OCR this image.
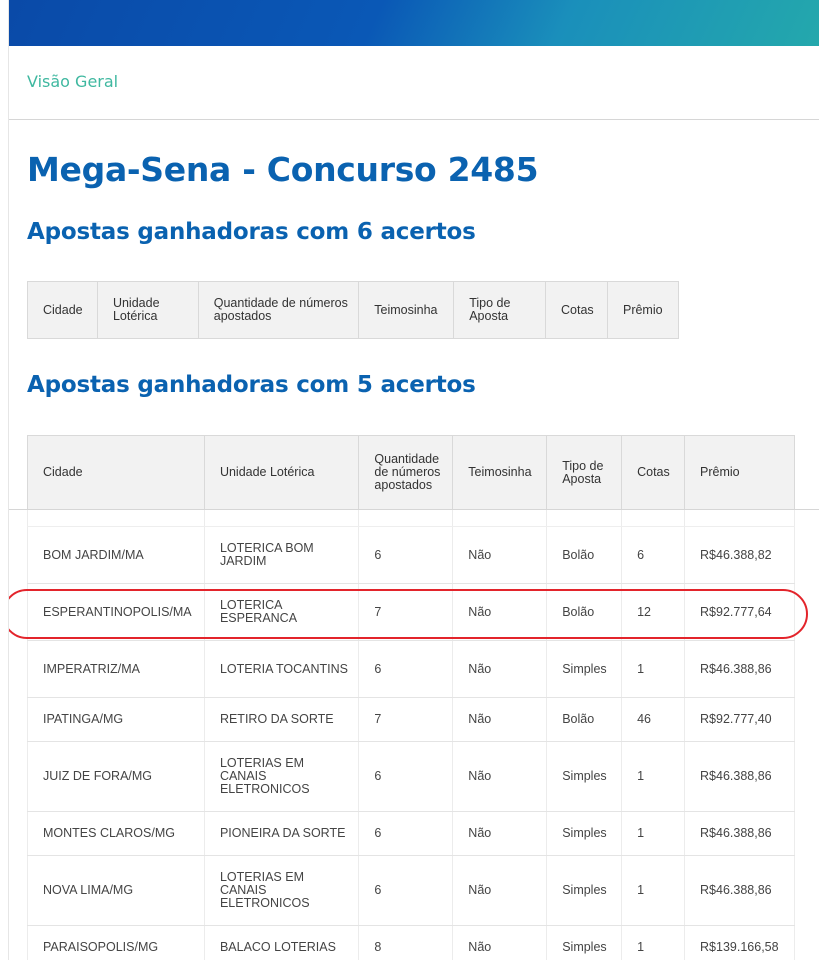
Visão Geral
Mega-Sena - Concurso 2485
Apostas ganhadoras com 6 acertos
Cidade	Unidade Lotérica	Quantidade de números apostados	Teimosinha	Tipo de Aposta	Cotas	Prêmio
Apostas ganhadoras com 5 acertos
Cidade	Unidade Lotérica	Quantidade de números apostados	Teimosinha	Tipo de Aposta	Cotas	Prêmio

BOM JARDIM/MA	LOTERICA BOM JARDIM	6	Não	Bolão	6	R$46.388,82
ESPERANTINOPOLIS/MA	LOTERICA ESPERANCA	7	Não	Bolão	12	R$92.777,64
IMPERATRIZ/MA	LOTERIA TOCANTINS	6	Não	Simples	1	R$46.388,86
IPATINGA/MG	RETIRO DA SORTE	7	Não	Bolão	46	R$92.777,40
JUIZ DE FORA/MG	LOTERIAS EM CANAIS ELETRONICOS	6	Não	Simples	1	R$46.388,86
MONTES CLAROS/MG	PIONEIRA DA SORTE	6	Não	Simples	1	R$46.388,86
NOVA LIMA/MG	LOTERIAS EM CANAIS ELETRONICOS	6	Não	Simples	1	R$46.388,86
PARAISOPOLIS/MG	BALACO LOTERIAS	8	Não	Simples	1	R$139.166,58
